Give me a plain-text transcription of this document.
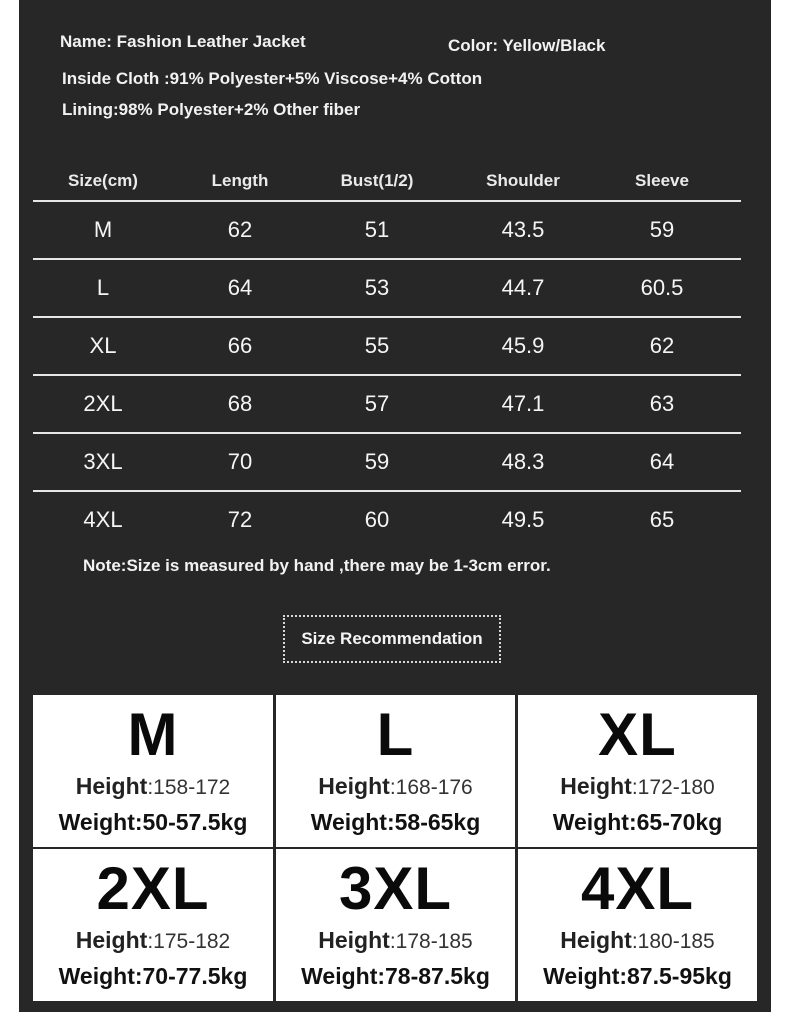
Name: Fashion Leather Jacket	Color: Yellow/Black
Inside Cloth :91% Polyester+5% Viscose+4% Cotton
Lining:98% Polyester+2% Other fiber
Size(cm)	Length	Bust(1/2)	Shoulder	Sleeve
M	62	51	43.5	59
L	64	53	44.7	60.5
XL	66	55	45.9	62
2XL	68	57	47.1	63
3XL	70	59	48.3	64
4XL	72	60	49.5	65
Note:Size is measured by hand ,there may be 1-3cm error.
Size Recommendation
M
Height:158-172
Weight:50-57.5kg
L
Height:168-176
Weight:58-65kg
XL
Height:172-180
Weight:65-70kg
2XL
Height:175-182
Weight:70-77.5kg
3XL
Height:178-185
Weight:78-87.5kg
4XL
Height:180-185
Weight:87.5-95kg
